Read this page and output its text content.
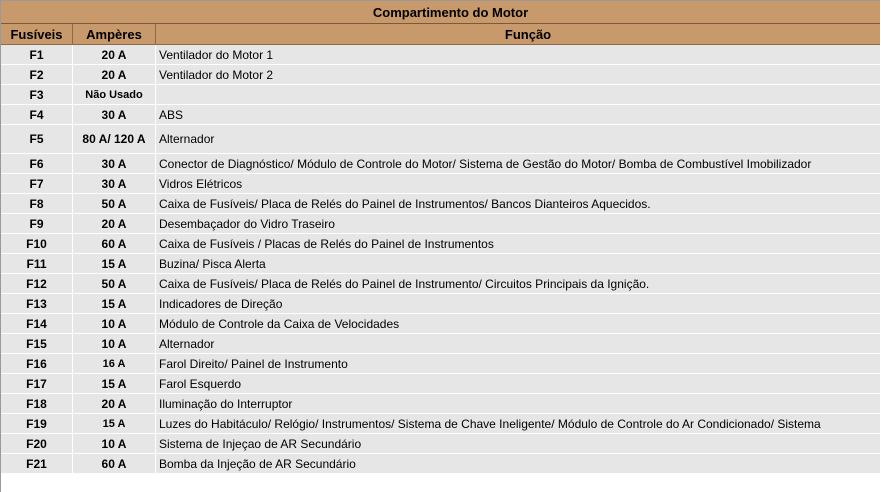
Compartimento do Motor		
Fusíveis	Ampères	Função
F1	20 A	Ventilador do Motor 1
F2	20 A	Ventilador do Motor 2
F3	Não Usado	
F4	30 A	ABS
F5	80 A/ 120 A	Alternador
F6	30 A	Conector de Diagnóstico/ Módulo de Controle do Motor/ Sistema de Gestão do Motor/ Bomba de Combustível Imobilizador
F7	30 A	Vidros Elétricos
F8	50 A	Caixa de Fusíveis/ Placa de Relés do Painel de Instrumentos/ Bancos Dianteiros Aquecidos.
F9	20 A	Desembaçador do Vidro Traseiro
F10	60 A	Caixa de Fusíveis / Placas de Relés do Painel de Instrumentos
F11	15 A	Buzina/ Pisca Alerta
F12	50 A	Caixa de Fusíveis/ Placa de Relés do Painel de Instrumento/ Circuitos Principais da Ignição.
F13	15 A	Indicadores de Direção
F14	10 A	Módulo de Controle da Caixa de Velocidades
F15	10 A	Alternador
F16	16 A	Farol Direito/ Painel de Instrumento
F17	15 A	Farol Esquerdo
F18	20 A	Iluminação do Interruptor
F19	15 A	Luzes do Habitáculo/ Relógio/ Instrumentos/ Sistema de Chave Ineligente/ Módulo de Controle do Ar Condicionado/ Sistema
F20	10 A	Sistema de Injeçao de AR Secundário
F21	60 A	Bomba da Injeção de AR Secundário
